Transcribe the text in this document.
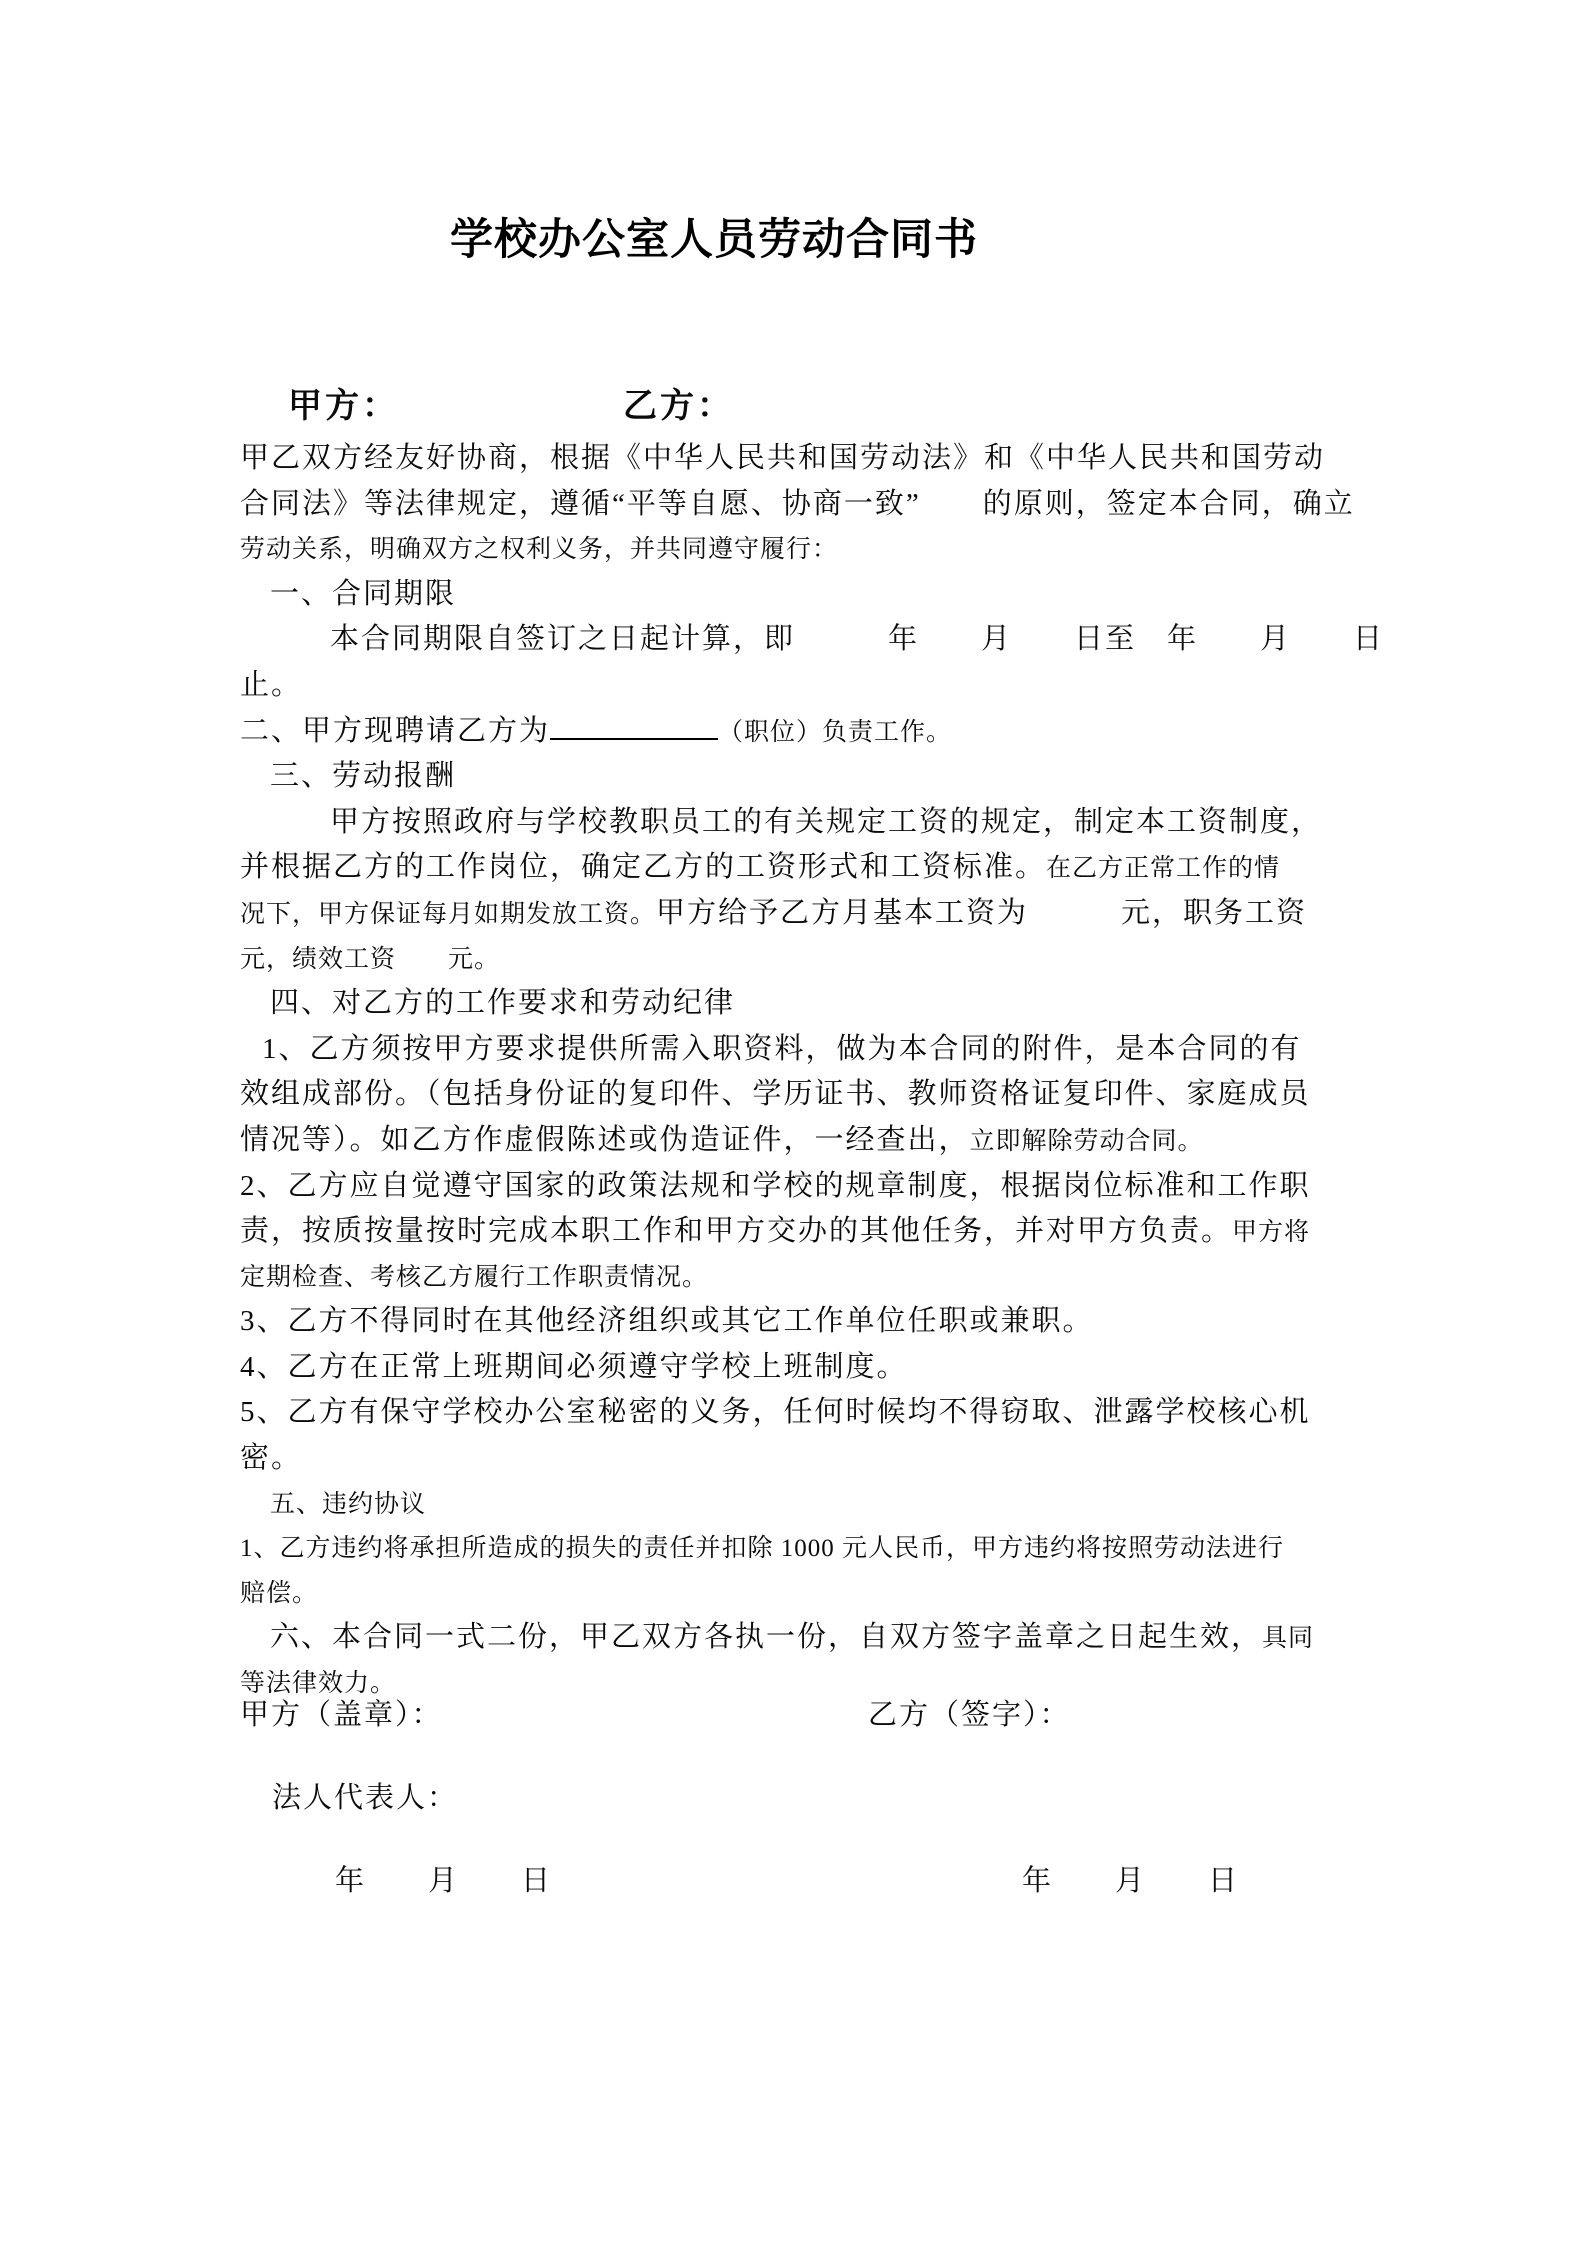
学校办公室人员劳动合同书
甲方：	乙方：
甲乙双方经友好协商，根据《中华人民共和国劳动法》和《中华人民共和国劳动
合同法》等法律规定，遵循“平等自愿、协商一致”　　的原则，签定本合同，确立
劳动关系，明确双方之权利义务，并共同遵守履行：
一、合同期限
本合同期限自签订之日起计算，即　　　年　　月　　日至　年　　月　　日
止。
二、甲方现聘请乙方为	（职位）负责工作。
三、劳动报酬
甲方按照政府与学校教职员工的有关规定工资的规定，制定本工资制度，
并根据乙方的工作岗位，确定乙方的工资形式和工资标准。在乙方正常工作的情
况下，甲方保证每月如期发放工资。甲方给予乙方月基本工资为　　　元，职务工资
元，绩效工资　　元。
四、对乙方的工作要求和劳动纪律
1、乙方须按甲方要求提供所需入职资料，做为本合同的附件，是本合同的有
效组成部份。（包括身份证的复印件、学历证书、教师资格证复印件、家庭成员
情况等）。如乙方作虚假陈述或伪造证件，一经查出，立即解除劳动合同。
2、乙方应自觉遵守国家的政策法规和学校的规章制度，根据岗位标准和工作职
责，按质按量按时完成本职工作和甲方交办的其他任务，并对甲方负责。甲方将
定期检查、考核乙方履行工作职责情况。
3、乙方不得同时在其他经济组织或其它工作单位任职或兼职。
4、乙方在正常上班期间必须遵守学校上班制度。
5、乙方有保守学校办公室秘密的义务，任何时候均不得窃取、泄露学校核心机
密。
五、违约协议
1、乙方违约将承担所造成的损失的责任并扣除 1000 元人民币，甲方违约将按照劳动法进行
赔偿。
六、本合同一式二份，甲乙双方各执一份，自双方签字盖章之日起生效，具同
等法律效力。
甲方（盖章）：	乙方（签字）：
法人代表人：
年　　月　　日	年　　月　　日
